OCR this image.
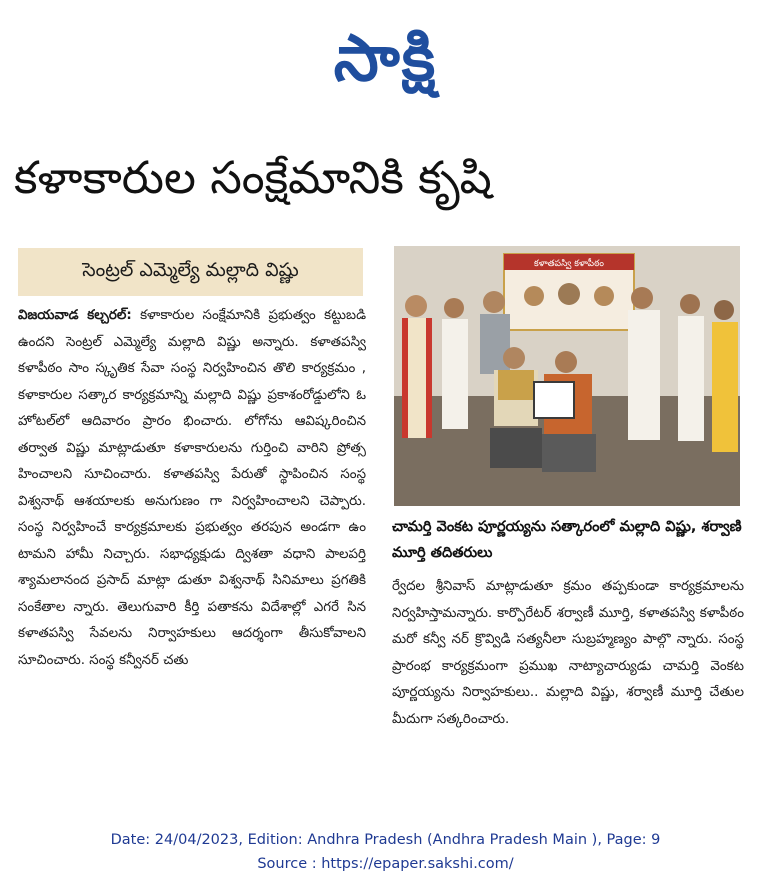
సాక్షి
కళాకారుల సంక్షేమానికి కృషి
సెంట్రల్ ఎమ్మెల్యే మల్లాది విష్ణు
విజయవాడ కల్చరల్: కళాకారుల సంక్షేమానికి ప్రభుత్వం కట్టుబడి ఉందని సెంట్రల్ ఎమ్మెల్యే మల్లాది విష్ణు అన్నారు. కళాతపస్వి కళాపీఠం సాం స్కృతిక సేవా సంస్థ నిర్వహించిన తొలి కార్యక్రమం , కళాకారుల సత్కార కార్యక్రమాన్ని మల్లాది విష్ణు ప్రకాశంరోడ్డులోని ఓ హోటల్‌లో ఆదివారం ప్రారం భించారు. లోగోను ఆవిష్కరించిన తర్వాత విష్ణు మాట్లాడుతూ కళాకారులను గుర్తించి వారిని ప్రోత్స హించాలని సూచించారు. కళాతపస్వి పేరుతో స్థాపించిన సంస్థ విశ్వనాథ్ ఆశయాలకు అనుగుణం గా నిర్వహించాలని చెప్పారు. సంస్థ నిర్వహించే కార్యక్రమాలకు ప్రభుత్వం తరపున అండగా ఉం టామని హామీ నిచ్చారు. సభాధ్యక్షుడు ద్విశతా వధాని పాలపర్తి శ్యామలానంద ప్రసాద్ మాట్లా డుతూ విశ్వనాథ్ సినిమాలు ప్రగతికి సంకేతాల న్నారు. తెలుగువారి కీర్తి పతాకను విదేశాల్లో ఎగరే సిన కళాతపస్వి సేవలను నిర్వాహకులు ఆదర్శంగా తీసుకోవాలని సూచించారు. సంస్థ కన్వీనర్ చతు
కళాతపస్వి కళాపీఠం
చామర్తి వెంకట పూర్ణయ్యను సత్కారంలో మల్లాది విష్ణు, శర్వాణి మూర్తి తదితరులు
ర్వేదల శ్రీనివాస్ మాట్లాడుతూ క్రమం తప్పకుండా కార్యక్రమాలను నిర్వహిస్తామన్నారు. కార్పొరేటర్ శర్వాణీ మూర్తి, కళాతపస్వి కళాపీఠం మరో కన్వీ నర్ క్రొవ్విడి సత్యనీలా సుబ్రహ్మణ్యం పాల్గొ న్నారు. సంస్థ ప్రారంభ కార్యక్రమంగా ప్రముఖ నాట్యాచార్యుడు చామర్తి వెంకట పూర్ణయ్యను నిర్వాహకులు.. మల్లాది విష్ణు, శర్వాణీ మూర్తి చేతుల మీదుగా సత్కరించారు.
Date: 24/04/2023, Edition: Andhra Pradesh (Andhra Pradesh Main ), Page: 9
Source : https://epaper.sakshi.com/
